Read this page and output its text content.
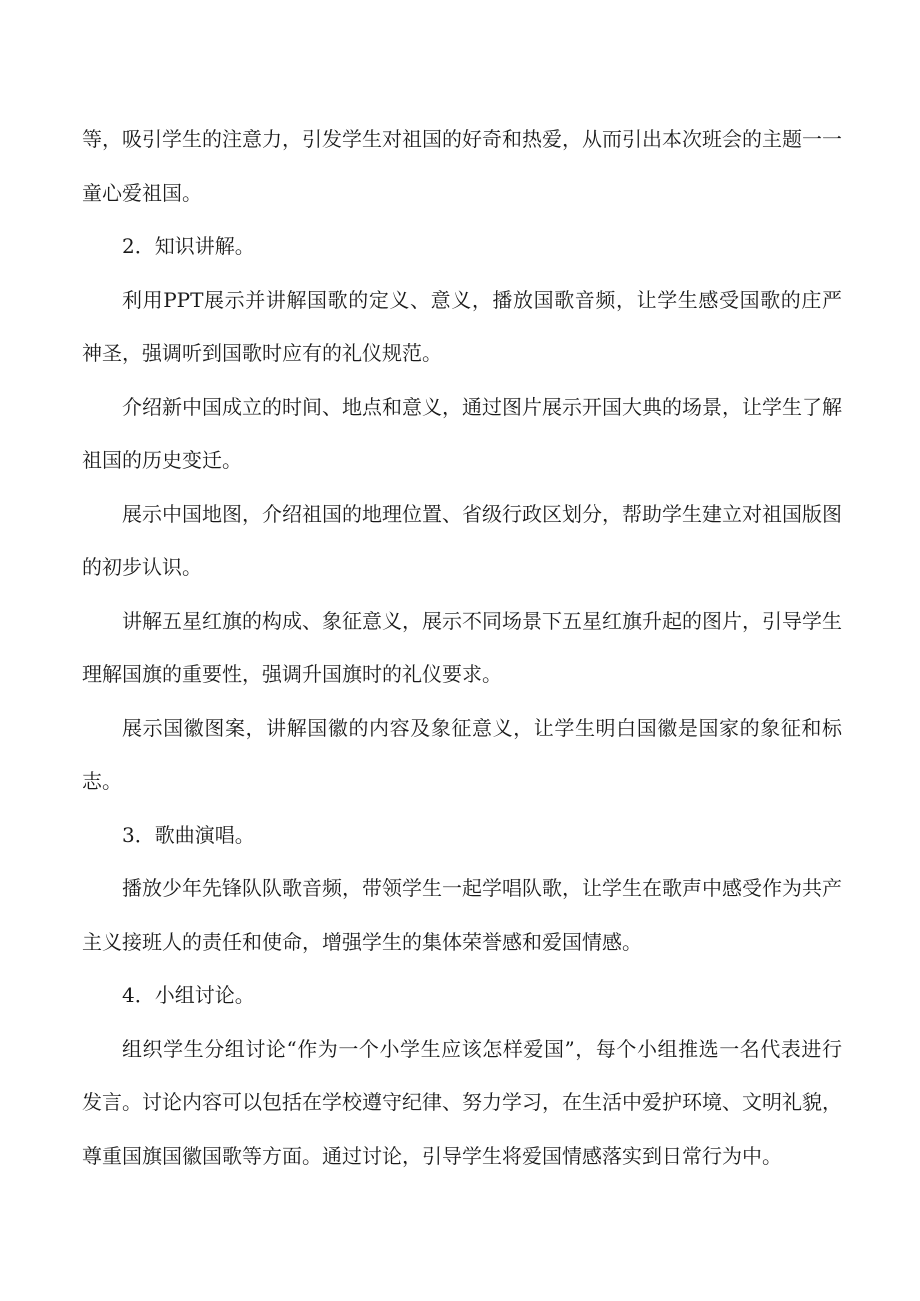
等，吸引学生的注意力，引发学生对祖国的好奇和热爱，从而引出本次班会的主题一一童心爱祖国。

2．知识讲解。

利用PPT展示并讲解国歌的定义、意义，播放国歌音频，让学生感受国歌的庄严神圣，强调听到国歌时应有的礼仪规范。

介绍新中国成立的时间、地点和意义，通过图片展示开国大典的场景，让学生了解祖国的历史变迁。

展示中国地图，介绍祖国的地理位置、省级行政区划分，帮助学生建立对祖国版图的初步认识。

讲解五星红旗的构成、象征意义，展示不同场景下五星红旗升起的图片，引导学生理解国旗的重要性，强调升国旗时的礼仪要求。

展示国徽图案，讲解国徽的内容及象征意义，让学生明白国徽是国家的象征和标志。

3．歌曲演唱。

播放少年先锋队队歌音频，带领学生一起学唱队歌，让学生在歌声中感受作为共产主义接班人的责任和使命，增强学生的集体荣誉感和爱国情感。

4．小组讨论。

组织学生分组讨论“作为一个小学生应该怎样爱国”，每个小组推选一名代表进行发言。讨论内容可以包括在学校遵守纪律、努力学习，在生活中爱护环境、文明礼貌，尊重国旗国徽国歌等方面。通过讨论，引导学生将爱国情感落实到日常行为中。
